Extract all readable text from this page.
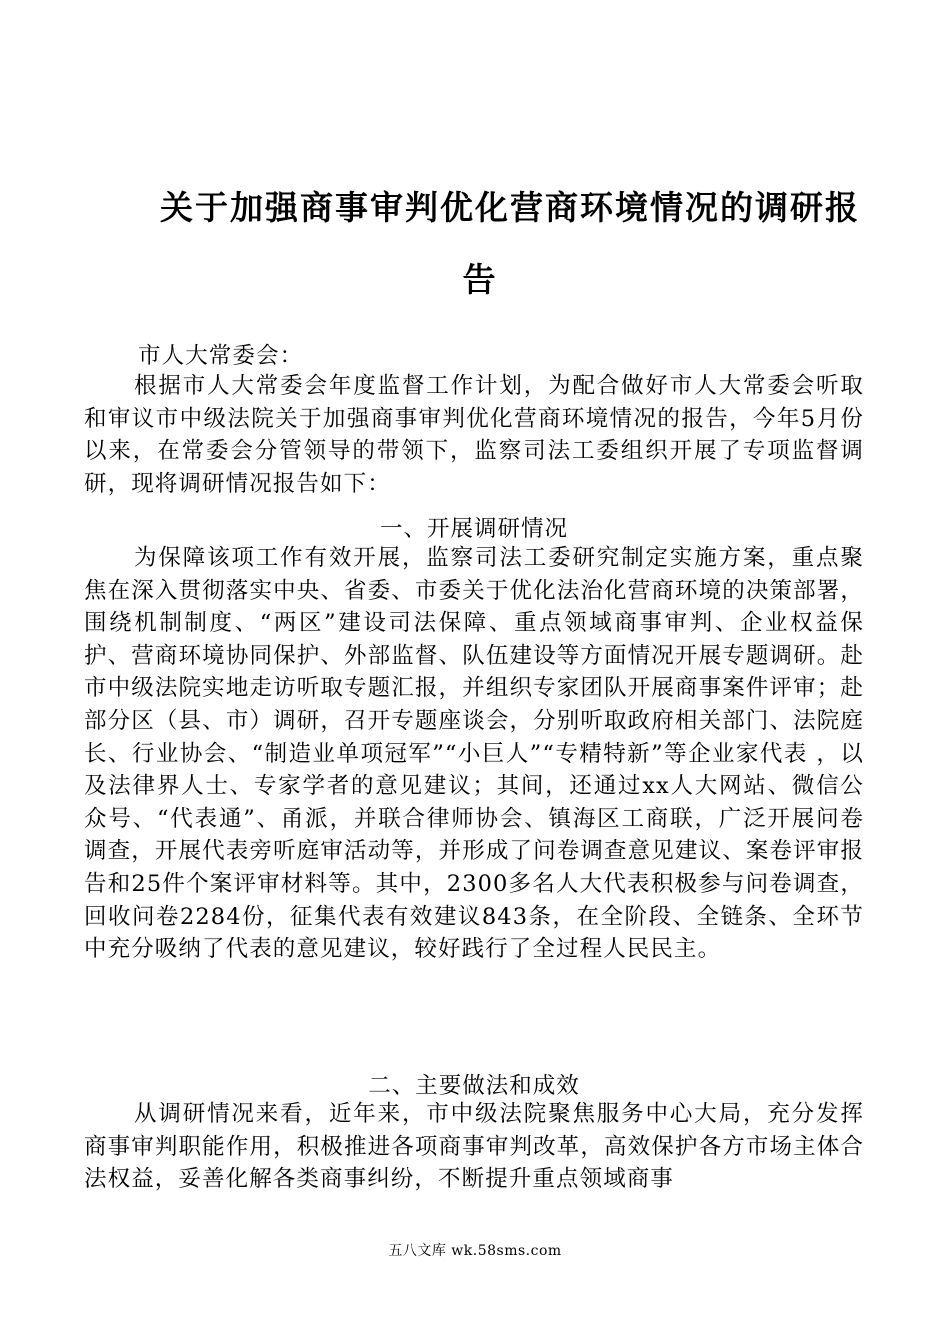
关于加强商事审判优化营商环境情况的调研报
告

市人大常委会：

根据市人大常委会年度监督工作计划，为配合做好市人大常委会听取和审议市中级法院关于加强商事审判优化营商环境情况的报告，今年5月份以来，在常委会分管领导的带领下，监察司法工委组织开展了专项监督调研，现将调研情况报告如下：

一、开展调研情况

为保障该项工作有效开展，监察司法工委研究制定实施方案，重点聚焦在深入贯彻落实中央、省委、市委关于优化法治化营商环境的决策部署，围绕机制制度、“两区”建设司法保障、重点领域商事审判、企业权益保护、营商环境协同保护、外部监督、队伍建设等方面情况开展专题调研。赴市中级法院实地走访听取专题汇报，并组织专家团队开展商事案件评审；赴部分区（县、市）调研，召开专题座谈会，分别听取政府相关部门、法院庭长、行业协会、“制造业单项冠军”“小巨人”“专精特新”等企业家代表 ，以及法律界人士、专家学者的意见建议；其间，还通过xx人大网站、微信公众号、“代表通”、甬派，并联合律师协会、镇海区工商联，广泛开展问卷调查，开展代表旁听庭审活动等，并形成了问卷调查意见建议、案卷评审报告和25件个案评审材料等。其中，2300多名人大代表积极参与问卷调查，回收问卷2284份，征集代表有效建议843条，在全阶段、全链条、全环节中充分吸纳了代表的意见建议，较好践行了全过程人民民主。

二、主要做法和成效

从调研情况来看，近年来，市中级法院聚焦服务中心大局，充分发挥商事审判职能作用，积极推进各项商事审判改革，高效保护各方市场主体合法权益，妥善化解各类商事纠纷，不断提升重点领域商事

五八文库 wk.58sms.com
